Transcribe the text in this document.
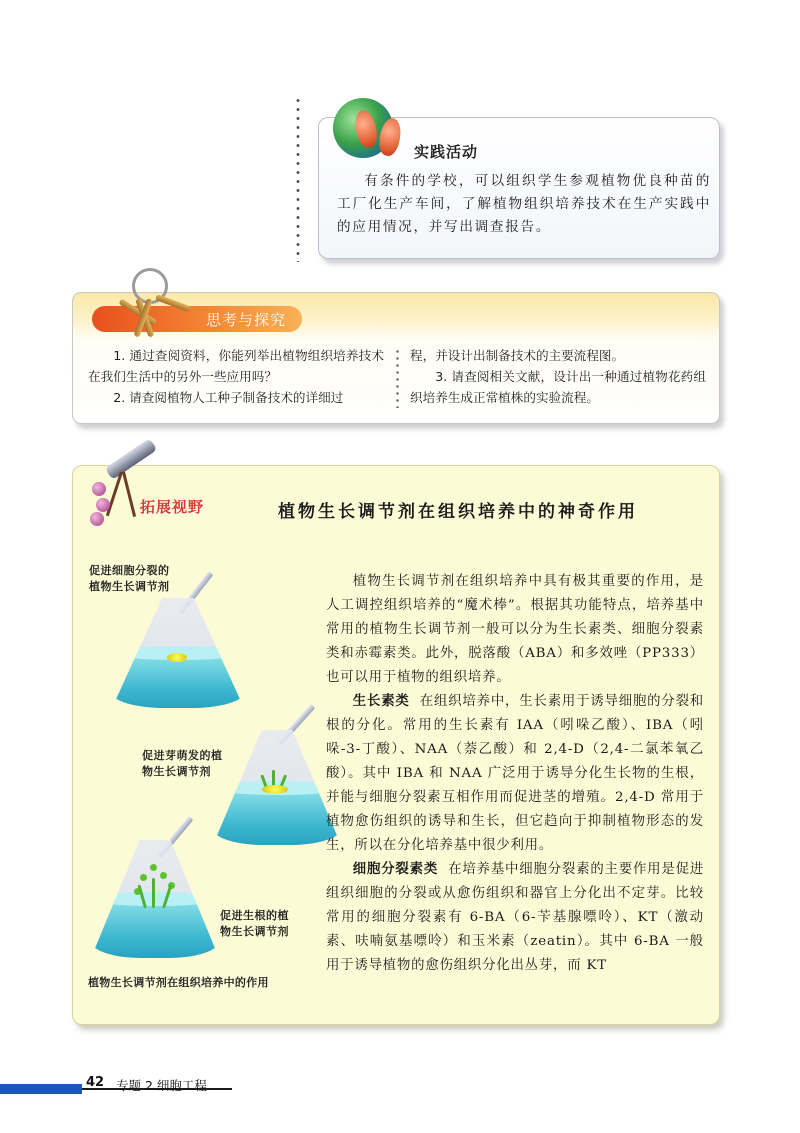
实践活动
有条件的学校，可以组织学生参观植物优良种苗的工厂化生产车间，了解植物组织培养技术在生产实践中的应用情况，并写出调查报告。
思考与探究

1. 通过查阅资料，你能列举出植物组织培养技术在我们生活中的另外一些应用吗？

2. 请查阅植物人工种子制备技术的详细过

程，并设计出制备技术的主要流程图。

3. 请查阅相关文献，设计出一种通过植物花药组织培养生成正常植株的实验流程。

拓展视野	植物生长调节剂在组织培养中的神奇作用
促进细胞分裂的
植物生长调节剂
促进芽萌发的植
物生长调节剂
促进生根的植
物生长调节剂
植物生长调节剂在组织培养中的作用

植物生长调节剂在组织培养中具有极其重要的作用，是人工调控组织培养的“魔术棒”。根据其功能特点，培养基中常用的植物生长调节剂一般可以分为生长素类、细胞分裂素类和赤霉素类。此外，脱落酸（ABA）和多效唑（PP333）也可以用于植物的组织培养。

生长素类 在组织培养中，生长素用于诱导细胞的分裂和根的分化。常用的生长素有 IAA（吲哚乙酸）、IBA（吲哚-3-丁酸）、NAA（萘乙酸）和 2,4-D（2,4-二氯苯氧乙酸）。其中 IBA 和 NAA 广泛用于诱导分化生长物的生根，并能与细胞分裂素互相作用而促进茎的增殖。2,4-D 常用于植物愈伤组织的诱导和生长，但它趋向于抑制植物形态的发生，所以在分化培养基中很少利用。

细胞分裂素类 在培养基中细胞分裂素的主要作用是促进组织细胞的分裂或从愈伤组织和器官上分化出不定芽。比较常用的细胞分裂素有 6-BA（6-苄基腺嘌呤）、KT（激动素、呋喃氨基嘌呤）和玉米素（zeatin）。其中 6-BA 一般用于诱导植物的愈伤组织分化出丛芽，而 KT

42 专题 2 细胞工程
